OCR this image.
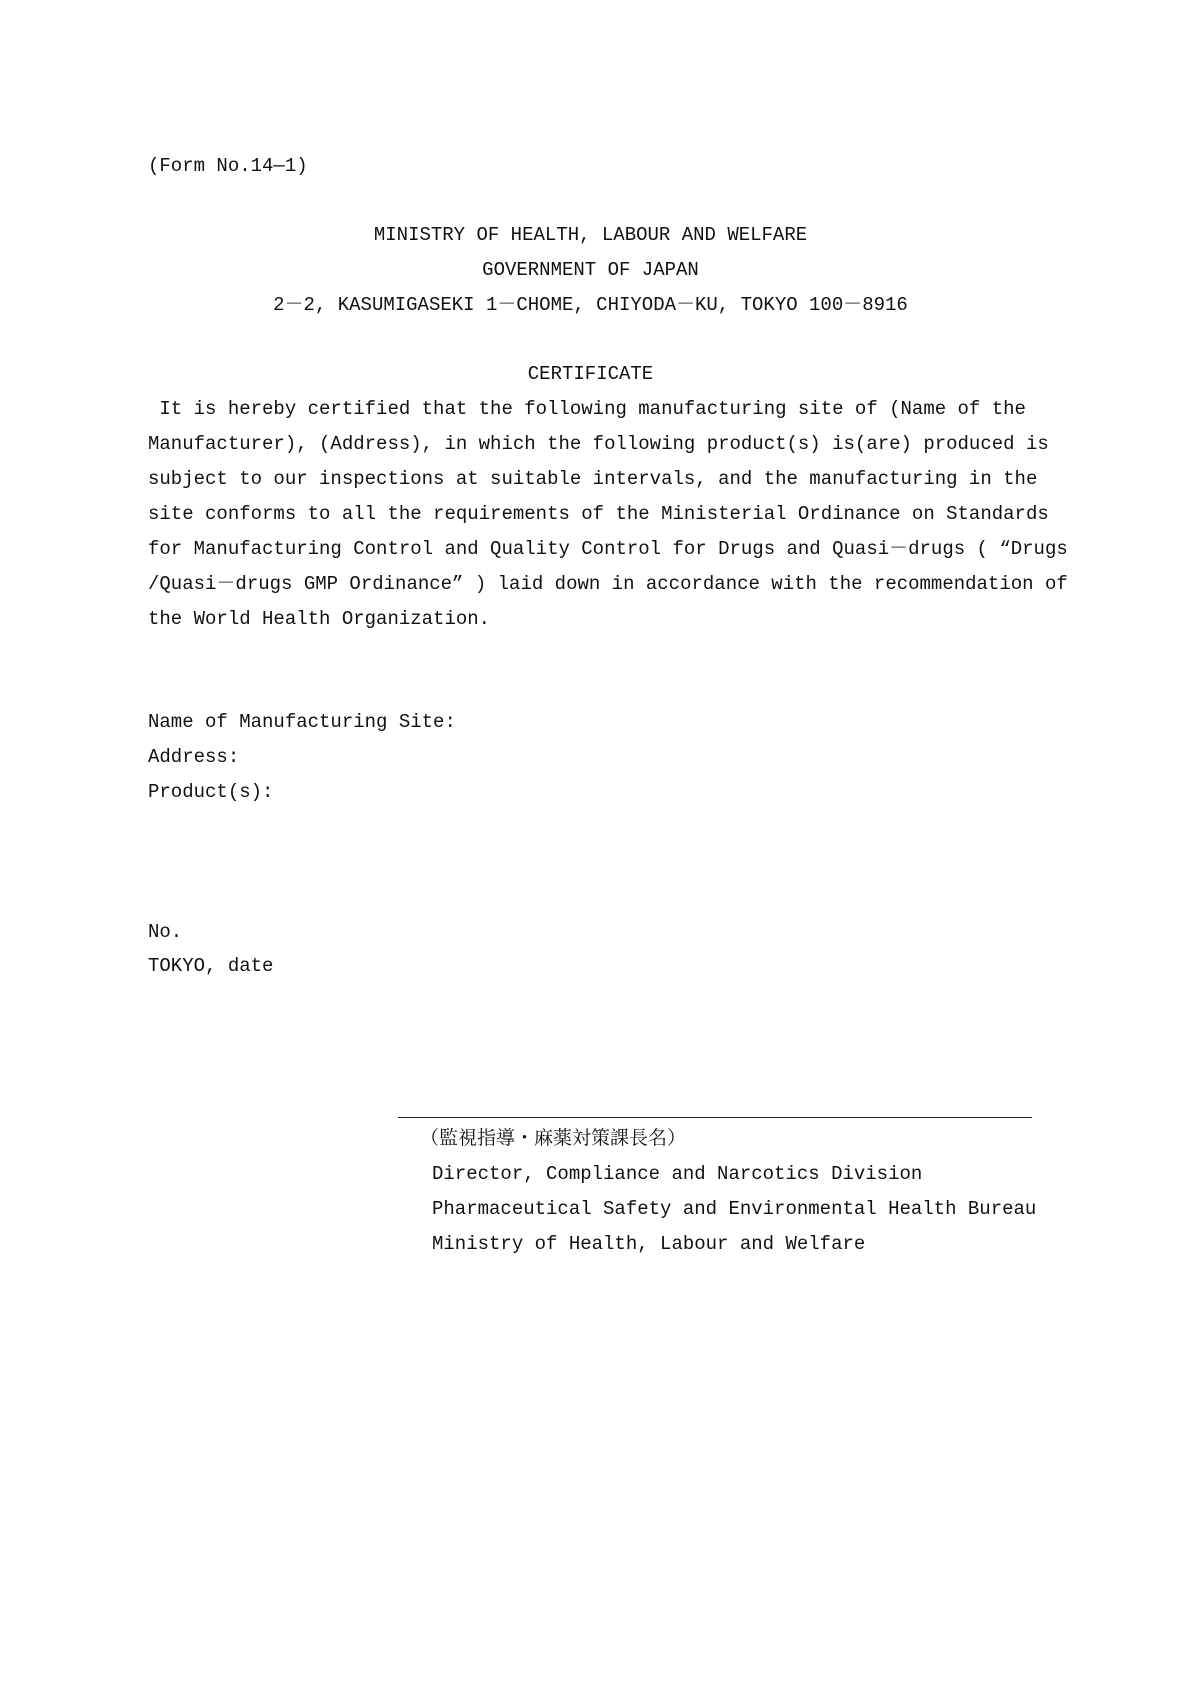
(Form No.14—1)
MINISTRY OF HEALTH, LABOUR AND WELFARE
GOVERNMENT OF JAPAN
2－2, KASUMIGASEKI 1－CHOME, CHIYODA－KU, TOKYO 100－8916
CERTIFICATE
It is hereby certified that the following manufacturing site of (Name of the
Manufacturer), (Address), in which the following product(s) is(are) produced is
subject to our inspections at suitable intervals, and the manufacturing in the
site conforms to all the requirements of the Ministerial Ordinance on Standards
for Manufacturing Control and Quality Control for Drugs and Quasi－drugs ( “Drugs
/Quasi－drugs GMP Ordinance” ) laid down in accordance with the recommendation of
the World Health Organization.
Name of Manufacturing Site:
Address:
Product(s):
No.
TOKYO, date
（監視指導・麻薬対策課長名）
Director, Compliance and Narcotics Division
Pharmaceutical Safety and Environmental Health Bureau
Ministry of Health, Labour and Welfare
